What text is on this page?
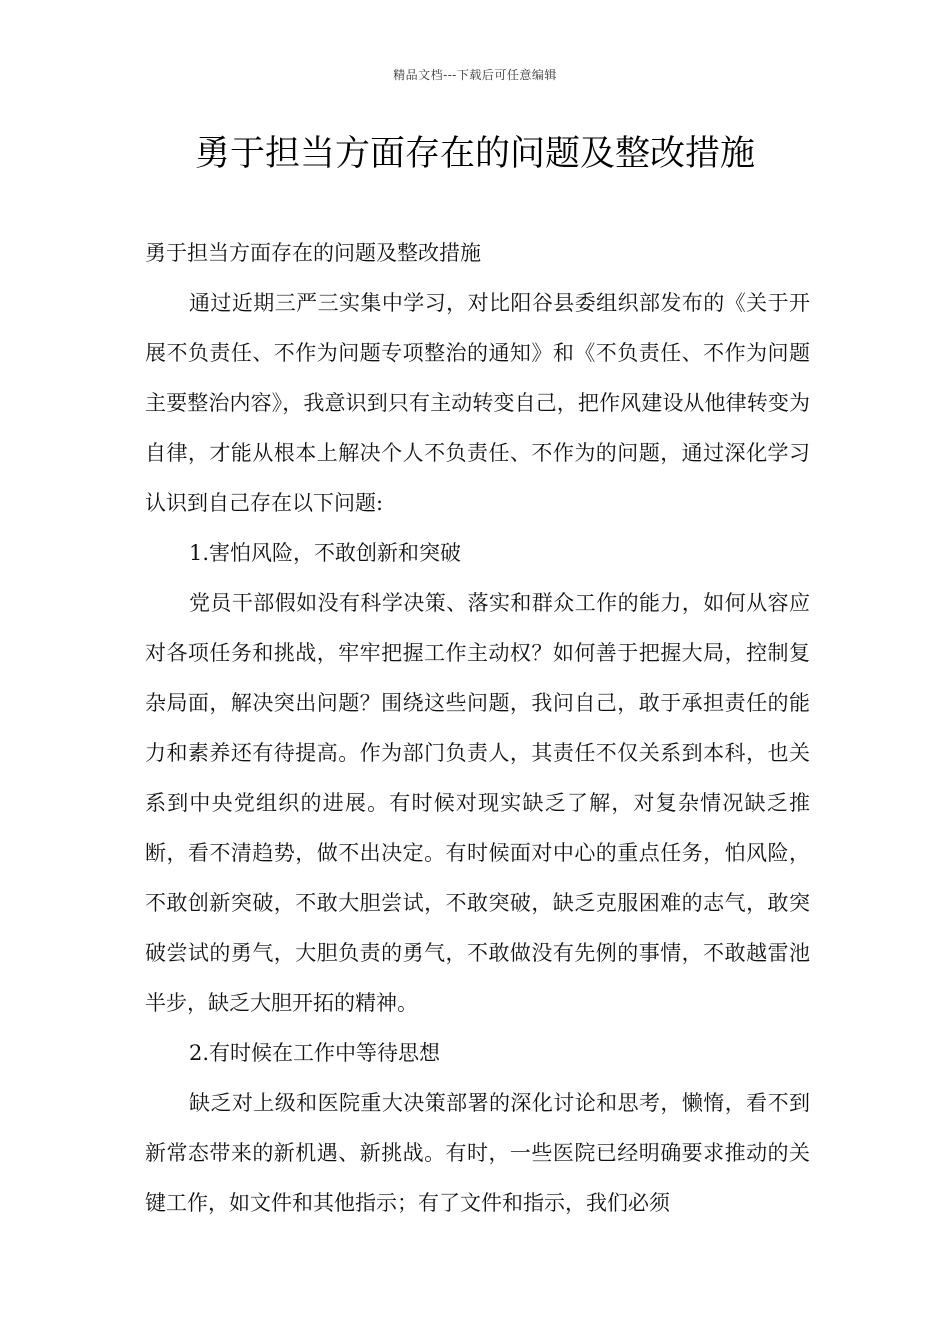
精品文档---下载后可任意编辑
勇于担当方面存在的问题及整改措施

勇于担当方面存在的问题及整改措施

通过近期三严三实集中学习，对比阳谷县委组织部发布的《关于开展不负责任、不作为问题专项整治的通知》和《不负责任、不作为问题主要整治内容》，我意识到只有主动转变自己，把作风建设从他律转变为自律，才能从根本上解决个人不负责任、不作为的问题，通过深化学习认识到自己存在以下问题:

1.害怕风险，不敢创新和突破

党员干部假如没有科学决策、落实和群众工作的能力，如何从容应对各项任务和挑战，牢牢把握工作主动权？如何善于把握大局，控制复杂局面，解决突出问题？围绕这些问题，我问自己，敢于承担责任的能力和素养还有待提高。作为部门负责人，其责任不仅关系到本科，也关系到中央党组织的进展。有时候对现实缺乏了解，对复杂情况缺乏推断，看不清趋势，做不出决定。有时候面对中心的重点任务，怕风险，不敢创新突破，不敢大胆尝试，不敢突破，缺乏克服困难的志气，敢突破尝试的勇气，大胆负责的勇气，不敢做没有先例的事情，不敢越雷池半步，缺乏大胆开拓的精神。

2.有时候在工作中等待思想

缺乏对上级和医院重大决策部署的深化讨论和思考，懒惰，看不到新常态带来的新机遇、新挑战。有时，一些医院已经明确要求推动的关键工作，如文件和其他指示；有了文件和指示，我们必须
